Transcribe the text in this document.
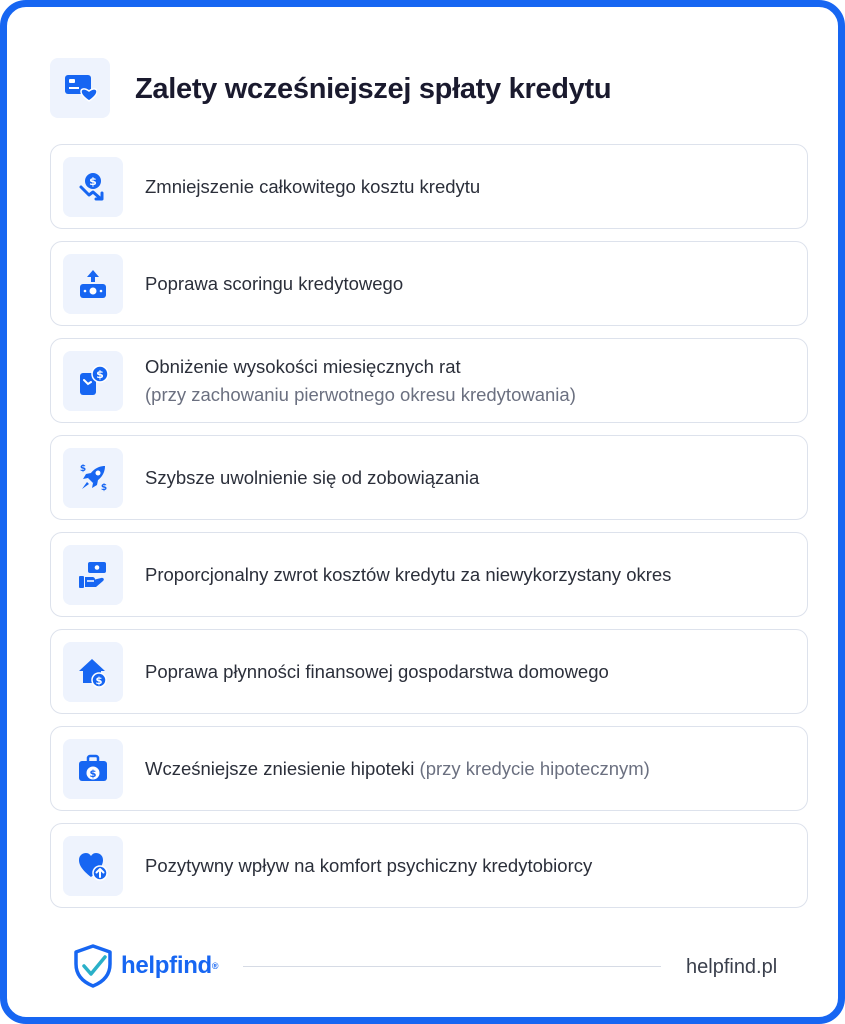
Zalety wcześniejszej spłaty kredytu
$	Zmniejszenie całkowitego kosztu kredytu
Poprawa scoringu kredytowego
$ Obniżenie wysokości miesięcznych rat
(przy zachowaniu pierwotnego okresu kredytowania)
$
$
Szybsze uwolnienie się od zobowiązania
Proporcjonalny zwrot kosztów kredytu za niewykorzystany okres
$ Poprawa płynności finansowej gospodarstwa domowego
$	Wcześniejsze zniesienie hipoteki (przy kredycie hipotecznym)
Pozytywny wpływ na komfort psychiczny kredytobiorcy
helpfind®	helpfind.pl
